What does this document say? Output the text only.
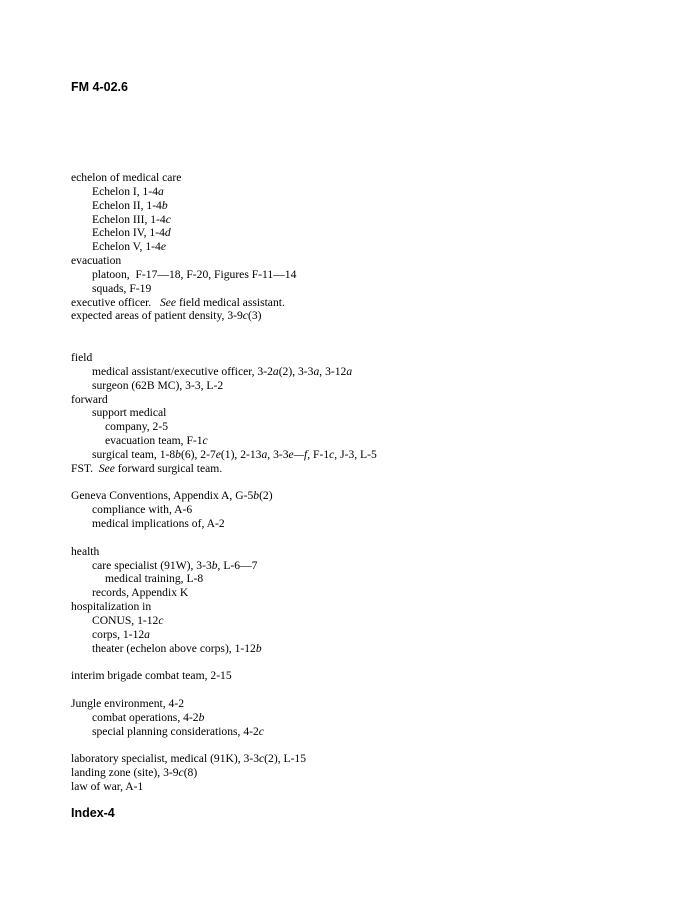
FM 4-02.6
echelon of medical care
Echelon I, 1-4a
Echelon II, 1-4b
Echelon III, 1-4c
Echelon IV, 1-4d
Echelon V, 1-4e
evacuation
platoon,  F-17—18, F-20, Figures F-11—14
squads, F-19
executive officer.   See field medical assistant.
expected areas of patient density, 3-9c(3)
field
medical assistant/executive officer, 3-2a(2), 3-3a, 3-12a
surgeon (62B MC), 3-3, L-2
forward
support medical
company, 2-5
evacuation team, F-1c
surgical team, 1-8b(6), 2-7e(1), 2-13a, 3-3e—f, F-1c, J-3, L-5
FST.  See forward surgical team.
Geneva Conventions, Appendix A, G-5b(2)
compliance with, A-6
medical implications of, A-2
health
care specialist (91W), 3-3b, L-6—7
medical training, L-8
records, Appendix K
hospitalization in
CONUS, 1-12c
corps, 1-12a
theater (echelon above corps), 1-12b
interim brigade combat team, 2-15
Jungle environment, 4-2
combat operations, 4-2b
special planning considerations, 4-2c
laboratory specialist, medical (91K), 3-3c(2), L-15
landing zone (site), 3-9c(8)
law of war, A-1
Index-4
